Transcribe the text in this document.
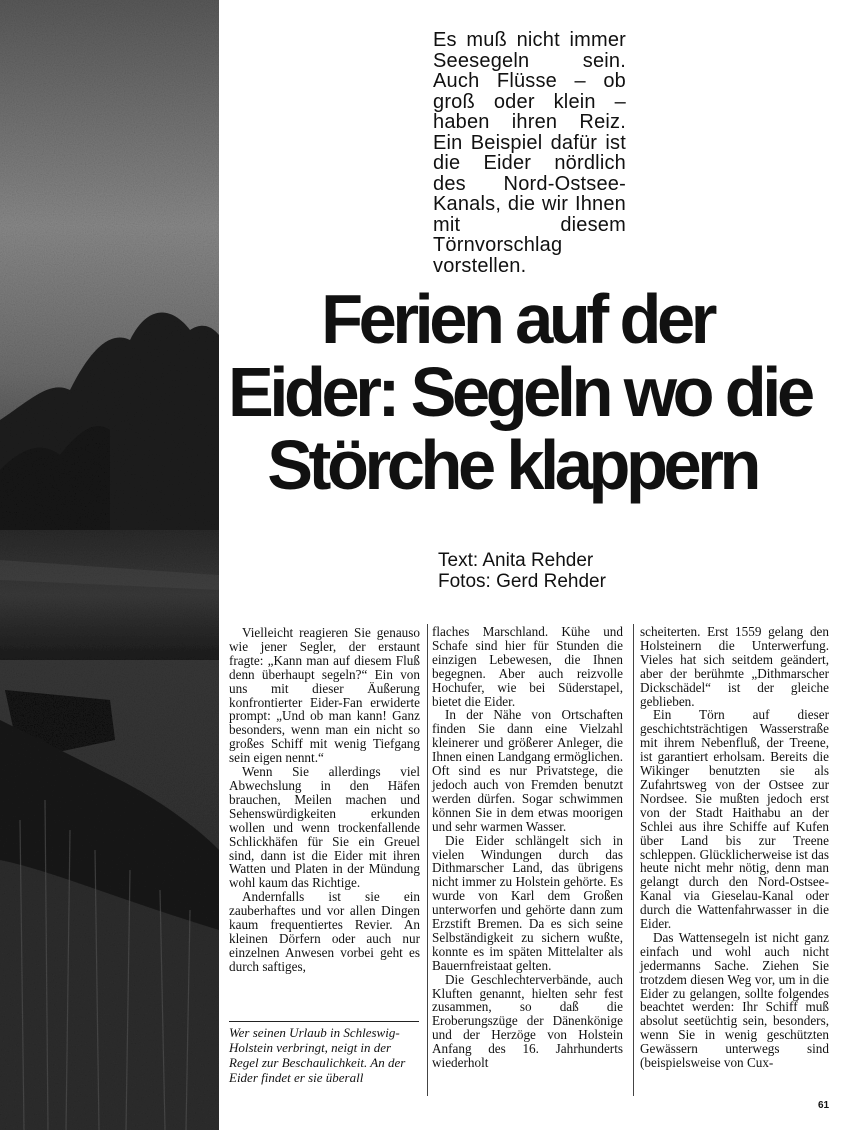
Es muß nicht immer Seesegeln sein. Auch Flüsse – ob groß oder klein – haben ihren Reiz. Ein Beispiel dafür ist die Eider nördlich des Nord-Ostsee-Kanals, die wir Ihnen mit diesem Törnvorschlag vorstellen.

Ferien auf der
Eider: Segeln wo die
Störche klappern
Text: Anita Rehder
Fotos: Gerd Rehder

Vielleicht reagieren Sie genauso wie jener Segler, der erstaunt fragte: „Kann man auf diesem Fluß denn überhaupt segeln?“ Ein von uns mit dieser Äußerung konfrontierter Eider-Fan erwiderte prompt: „Und ob man kann! Ganz besonders, wenn man ein nicht so großes Schiff mit wenig Tiefgang sein eigen nennt.“

Wenn Sie allerdings viel Abwechslung in den Häfen brauchen, Meilen machen und Sehenswürdigkeiten erkunden wollen und wenn trockenfallende Schlickhäfen für Sie ein Greuel sind, dann ist die Eider mit ihren Watten und Platen in der Mündung wohl kaum das Richtige.

Andernfalls ist sie ein zauberhaftes und vor allen Dingen kaum frequentiertes Revier. An kleinen Dörfern oder auch nur einzelnen Anwesen vorbei geht es durch saftiges,

flaches Marschland. Kühe und Schafe sind hier für Stunden die einzigen Lebewesen, die Ihnen begegnen. Aber auch reizvolle Hochufer, wie bei Süderstapel, bietet die Eider.

In der Nähe von Ortschaften finden Sie dann eine Vielzahl kleinerer und größerer Anleger, die Ihnen einen Landgang ermöglichen. Oft sind es nur Privatstege, die jedoch auch von Fremden benutzt werden dürfen. Sogar schwimmen können Sie in dem etwas moorigen und sehr warmen Wasser.

Die Eider schlängelt sich in vielen Windungen durch das Dithmarscher Land, das übrigens nicht immer zu Holstein gehörte. Es wurde von Karl dem Großen unterworfen und gehörte dann zum Erzstift Bremen. Da es sich seine Selbständigkeit zu sichern wußte, konnte es im späten Mittelalter als Bauernfreistaat gelten.

Die Geschlechterverbände, auch Kluften genannt, hielten sehr fest zusammen, so daß die Eroberungszüge der Dänenkönige und der Herzöge von Holstein Anfang des 16. Jahrhunderts wiederholt

scheiterten. Erst 1559 gelang den Holsteinern die Unterwerfung. Vieles hat sich seitdem geändert, aber der berühmte „Dithmarscher Dickschädel“ ist der gleiche geblieben.

Ein Törn auf dieser geschichtsträchtigen Wasserstraße mit ihrem Nebenfluß, der Treene, ist garantiert erholsam. Bereits die Wikinger benutzten sie als Zufahrtsweg von der Ostsee zur Nordsee. Sie mußten jedoch erst von der Stadt Haithabu an der Schlei aus ihre Schiffe auf Kufen über Land bis zur Treene schleppen. Glücklicherweise ist das heute nicht mehr nötig, denn man gelangt durch den Nord-Ostsee-Kanal via Gieselau-Kanal oder durch die Wattenfahrwasser in die Eider.

Das Wattensegeln ist nicht ganz einfach und wohl auch nicht jedermanns Sache. Ziehen Sie trotzdem diesen Weg vor, um in die Eider zu gelangen, sollte folgendes beachtet werden: Ihr Schiff muß absolut seetüchtig sein, besonders, wenn Sie in wenig geschützten Gewässern unterwegs sind (beispielsweise von Cux-

Wer seinen Urlaub in Schleswig-Holstein verbringt, neigt in der Regel zur Beschaulichkeit. An der Eider findet er sie überall
61
